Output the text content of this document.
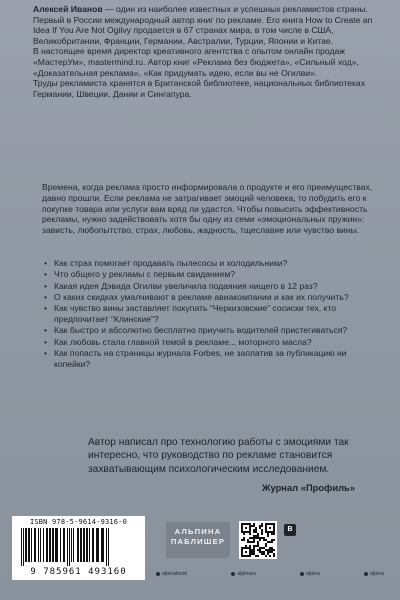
Алексей Иванов — один из наиболее известных и успешных рекламистов страны. Первый в России международный автор книг по рекламе. Его книга How to Create an Idea If You Are Not Ogilvy продается в 67 странах мира, в том числе в США, Великобритании, Франции, Германии, Австралии, Турции, Японии и Китае.

В настоящее время директор креативного агентства с опытом онлайн продаж «МастерУм», mastermind.ru. Автор книг «Реклама без бюджета», «Сильный ход», «Доказательная реклама», «Как придумать идею, если вы не Огилви».

Труды рекламиста хранятся в Британской библиотеке, национальных библиотеках Германии, Швеции, Дании и Сингапура.

Времена, когда реклама просто информировала о продукте и его преимуществах, давно прошли. Если реклама не затрагивает эмоций человека, то побудить его к покупке товара или услуги вам вряд ли удастся. Чтобы повысить эффективность рекламы, нужно задействовать хотя бы одну из семи «эмоциональных пружин»: зависть, любопытство, страх, любовь, жадность, тщеславие или чувство вины.

• Как страх помогает продавать пылесосы и холодильники?
• Что общего у рекламы с первым свиданием?
• Какая идея Дэвида Огилви увеличила подаяния нищего в 12 раз?
• О каких скидках умалчивают в рекламе авиакомпании и как их получить?
• Как чувство вины заставляет покупать “Черкизовские” сосиски тех, кто предпочитает “Клинские”?
• Как быстро и абсолютно бесплатно приучить водителей пристегиваться?
• Как любовь стала главной темой в рекламе... моторного масла?
• Как попасть на страницы журнала Forbes, не заплатив за публикацию ни копейки?

Автор написал про технологию работы с эмоциями так интересно, что руководство по рекламе становится захватывающим психологическим исследованием.

Журнал «Профиль»
ISBN 978-5-9614-9316-0
9 785961 493160
АЛЬПИНА
ПАБЛИШЕР
B
alpinabook	alpinaru	alpina	alpina
